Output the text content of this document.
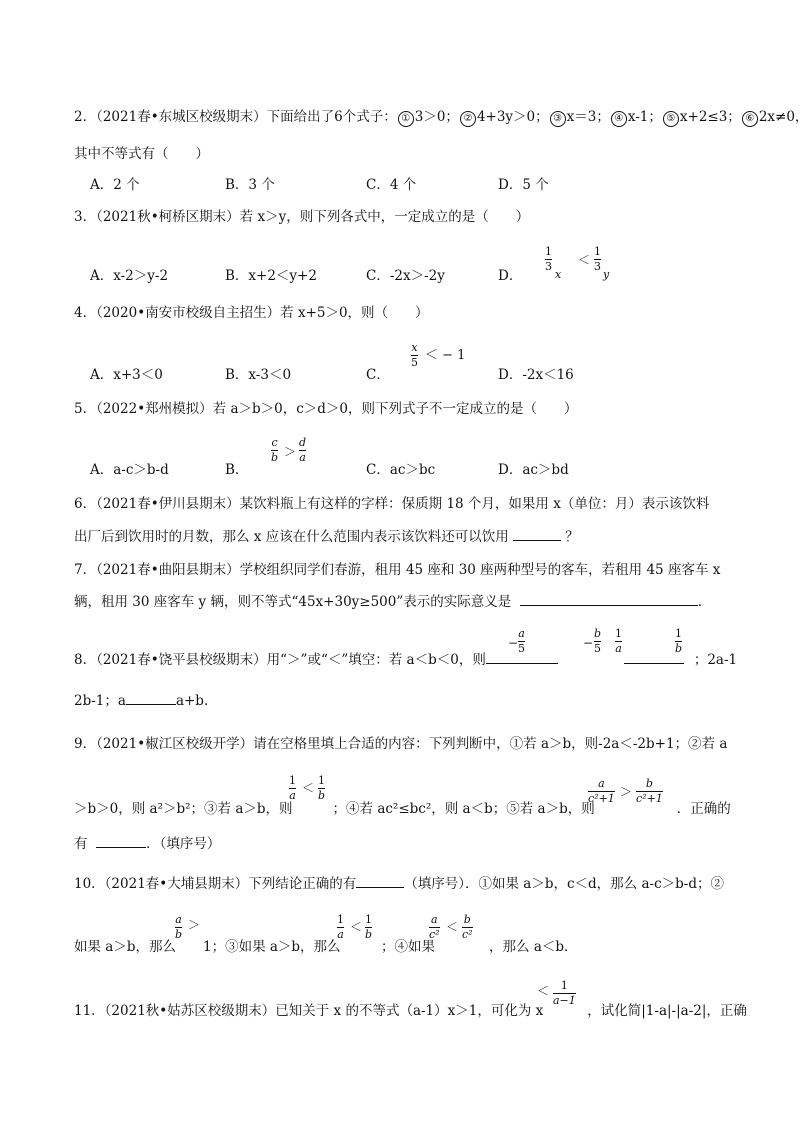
2．（2021春•东城区校级期末）下面给出了6个式子： ① 3＞0； ② 4+3y＞0； ③ x＝3； ④ x-1； ⑤ x+2≤3； ⑥ 2x≠0，
其中不等式有（　　）
A．2 个	B．3 个	C．4 个	D．5 个
3．（2021秋•柯桥区期末）若 x＞y，则下列各式中，一定成立的是（　　）
A．x-2＞y-2	B．x+2＜y+2	C．-2x＞-2y	D．
1
3
x
＜
1
3
y
4．（2020•南安市校级自主招生）若 x+5＞0，则（　　）
A．x+3＜0	B．x-3＜0	C．	D．-2x＜16
x
5 ＜ − 1
5．（2022•郑州模拟）若 a＞b＞0，c＞d＞0，则下列式子不一定成立的是（　　）
A．a-c＞b-d	B．	C．ac＞bc	D．ac＞bd
c
b ＞
d
a
6．（2021春•伊川县期末）某饮料瓶上有这样的字样：保质期 18 个月，如果用 x（单位：月）表示该饮料
出厂后到饮用时的月数，那么 x 应该在什么范围内表示该饮料还可以饮用	？
7．（2021春•曲阳县期末）学校组织同学们春游，租用 45 座和 30 座两种型号的客车，若租用 45 座客车 x
辆，租用 30 座客车 y 辆，则不等式“45x+30y≥500”表示的实际意义是	．
8．（2021春•饶平县校级期末）用“＞”或“＜”填空：若 a＜b＜0，则	；2a-1
−
a
5	−
b
5
1
a
1
b
2b-1；a	a+b．
9．（2021•椒江区校级开学）请在空格里填上合适的内容：下列判断中，①若 a＞b，则-2a＜-2b+1；②若 a
＞b＞0，则 a²＞b²；③若 a＞b，则	；④若 ac²≤bc²，则 a＜b；⑤若 a＞b，则	．正确的
1
a
＜
1
b
a
c²+1 ＞
b
c²+1
有	．（填序号）
10．（2021春•大埔县期末）下列结论正确的有	（填序号）．①如果 a＞b，c＜d，那么 a-c＞b-d；②
如果 a＞b，那么　　1；③如果 a＞b，那么　　　；④如果　　　　，那么 a＜b．
a
b
＞	1
a
＜
1
b
a
c²
＜
b
c²
11．（2021秋•姑苏区校级期末）已知关于 x 的不等式（a-1）x＞1，可化为 x	，试化简|1-a|-|a-2|，正确
＜ 1
a−1
